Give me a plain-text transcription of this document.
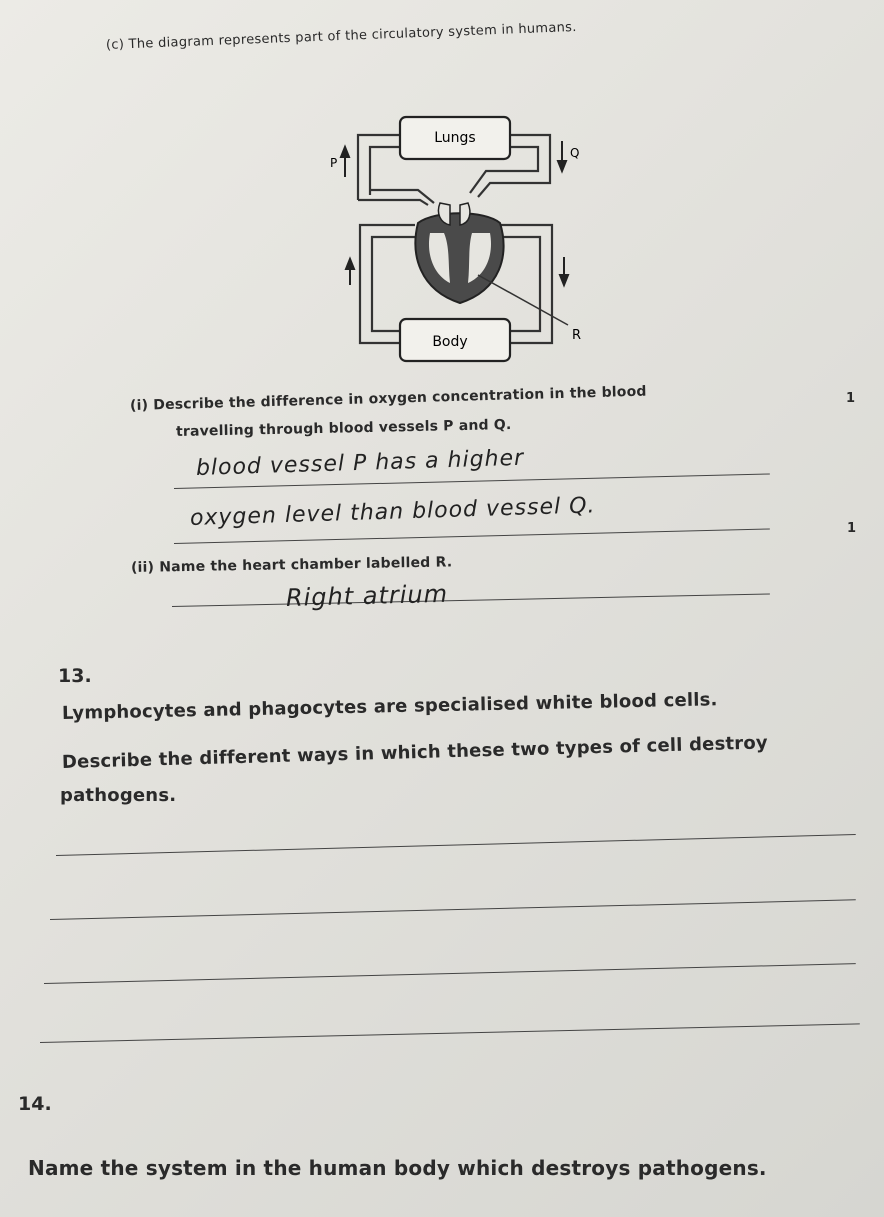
(c) The diagram represents part of the circulatory system in humans.
Lungs
Body
P
Q
R
(i) Describe the difference in oxygen concentration in the blood
travelling through blood vessels P and Q.
1
blood vessel P has a higher
oxygen level than blood vessel Q.	1
(ii) Name the heart chamber labelled R.
Right atrium
13.
Lymphocytes and phagocytes are specialised white blood cells.
Describe the different ways in which these two types of cell destroy
pathogens.
14.
Name the system in the human body which destroys pathogens.
